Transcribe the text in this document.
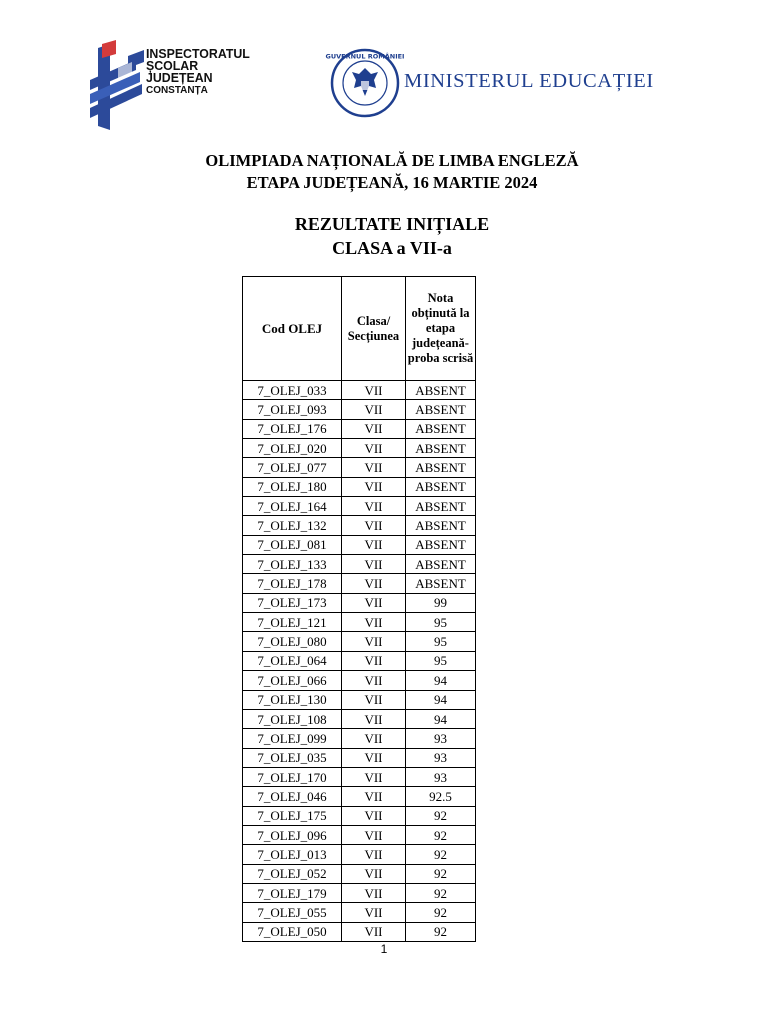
INSPECTORATUL
ȘCOLAR
JUDEȚEAN
CONSTANȚA
GUVERNUL ROMÂNIEI
MINISTERUL EDUCAȚIEI
OLIMPIADA NAȚIONALĂ DE LIMBA ENGLEZĂ
ETAPA JUDEȚEANĂ, 16 MARTIE 2024
REZULTATE INIȚIALE
CLASA a VII-a
Cod OLEJ	Clasa/ Secțiunea	Nota obținută la etapa județeană-proba scrisă
7_OLEJ_033	VII	ABSENT
7_OLEJ_093	VII	ABSENT
7_OLEJ_176	VII	ABSENT
7_OLEJ_020	VII	ABSENT
7_OLEJ_077	VII	ABSENT
7_OLEJ_180	VII	ABSENT
7_OLEJ_164	VII	ABSENT
7_OLEJ_132	VII	ABSENT
7_OLEJ_081	VII	ABSENT
7_OLEJ_133	VII	ABSENT
7_OLEJ_178	VII	ABSENT
7_OLEJ_173	VII	99
7_OLEJ_121	VII	95
7_OLEJ_080	VII	95
7_OLEJ_064	VII	95
7_OLEJ_066	VII	94
7_OLEJ_130	VII	94
7_OLEJ_108	VII	94
7_OLEJ_099	VII	93
7_OLEJ_035	VII	93
7_OLEJ_170	VII	93
7_OLEJ_046	VII	92.5
7_OLEJ_175	VII	92
7_OLEJ_096	VII	92
7_OLEJ_013	VII	92
7_OLEJ_052	VII	92
7_OLEJ_179	VII	92
7_OLEJ_055	VII	92
7_OLEJ_050	VII	92
1
